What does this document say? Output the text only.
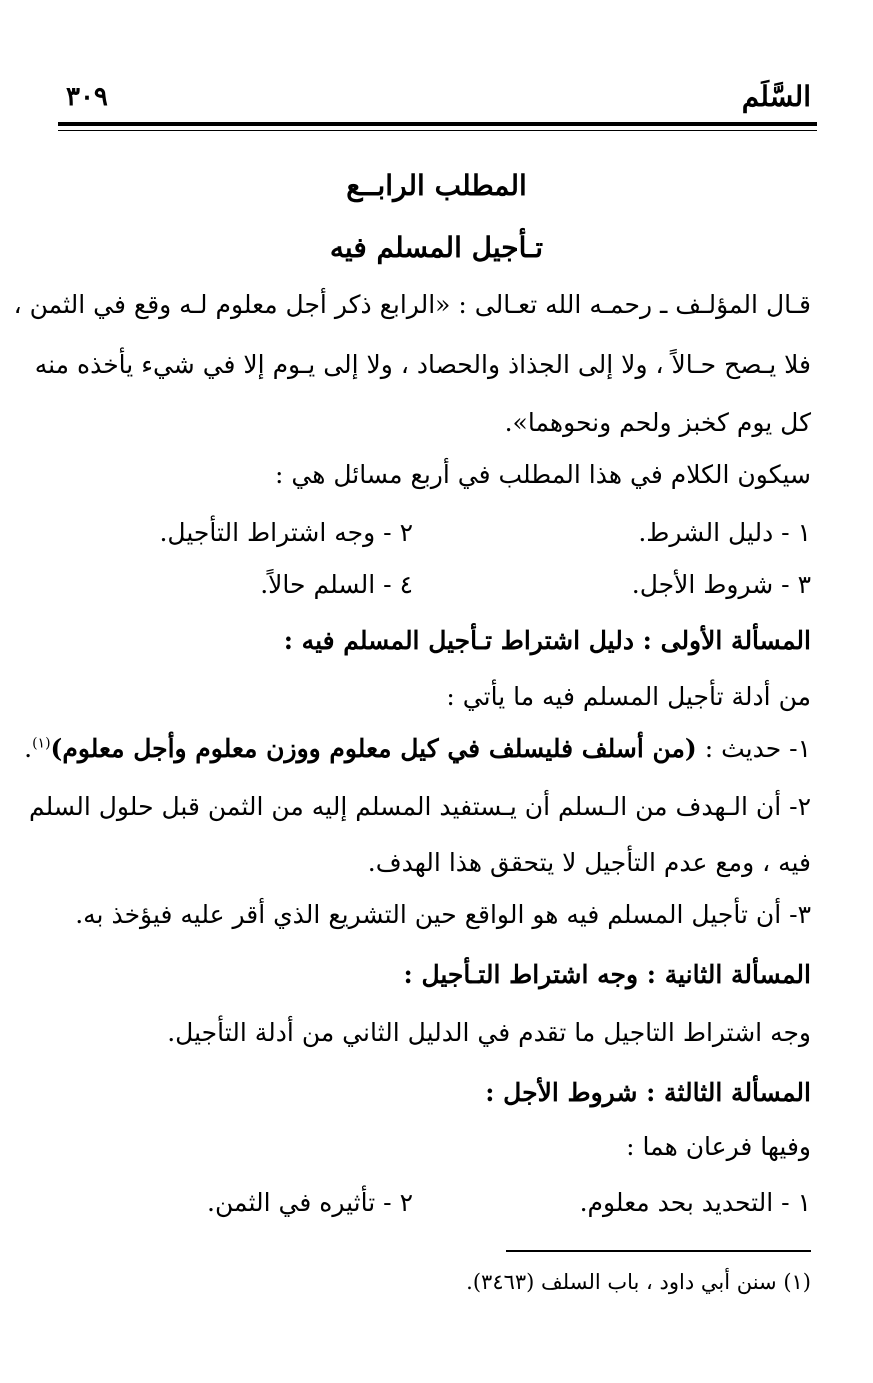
السَّلَم
٣٠٩
المطلب الرابــع
تـأجيل المسلم فيه
قـال المؤلـف ـ رحمـه الله تعـالى : «الرابع ذكر أجل معلوم لـه وقع في الثمن ،
فلا يـصح حـالاً ، ولا إلى الجذاذ والحصاد ، ولا إلى يـوم إلا في شيء يأخذه منه
كل يوم كخبز ولحم ونحوهما».
سيكون الكلام في هذا المطلب في أربع مسائل هي :
١ - دليل الشرط.
٢ - وجه اشتراط التأجيل.
٣ - شروط الأجل.
٤ - السلم حالاً.
المسألة الأولى : دليل اشتراط تـأجيل المسلم فيه :
من أدلة تأجيل المسلم فيه ما يأتي :
١- حديث : (من أسلف فليسلف في كيل معلوم ووزن معلوم وأجل معلوم)$^{(١)}$.
٢- أن الـهدف من الـسلم أن يـستفيد المسلم إليه من الثمن قبل حلول السلم
فيه ، ومع عدم التأجيل لا يتحقق هذا الهدف.
٣- أن تأجيل المسلم فيه هو الواقع حين التشريع الذي أقر عليه فيؤخذ به.
المسألة الثانية : وجه اشتراط التـأجيل :
وجه اشتراط التاجيل ما تقدم في الدليل الثاني من أدلة التأجيل.
المسألة الثالثة : شروط الأجل :
وفيها فرعان هما :
١ - التحديد بحد معلوم.
٢ - تأثيره في الثمن.
(١) سنن أبي داود ، باب السلف (٣٤٦٣).
